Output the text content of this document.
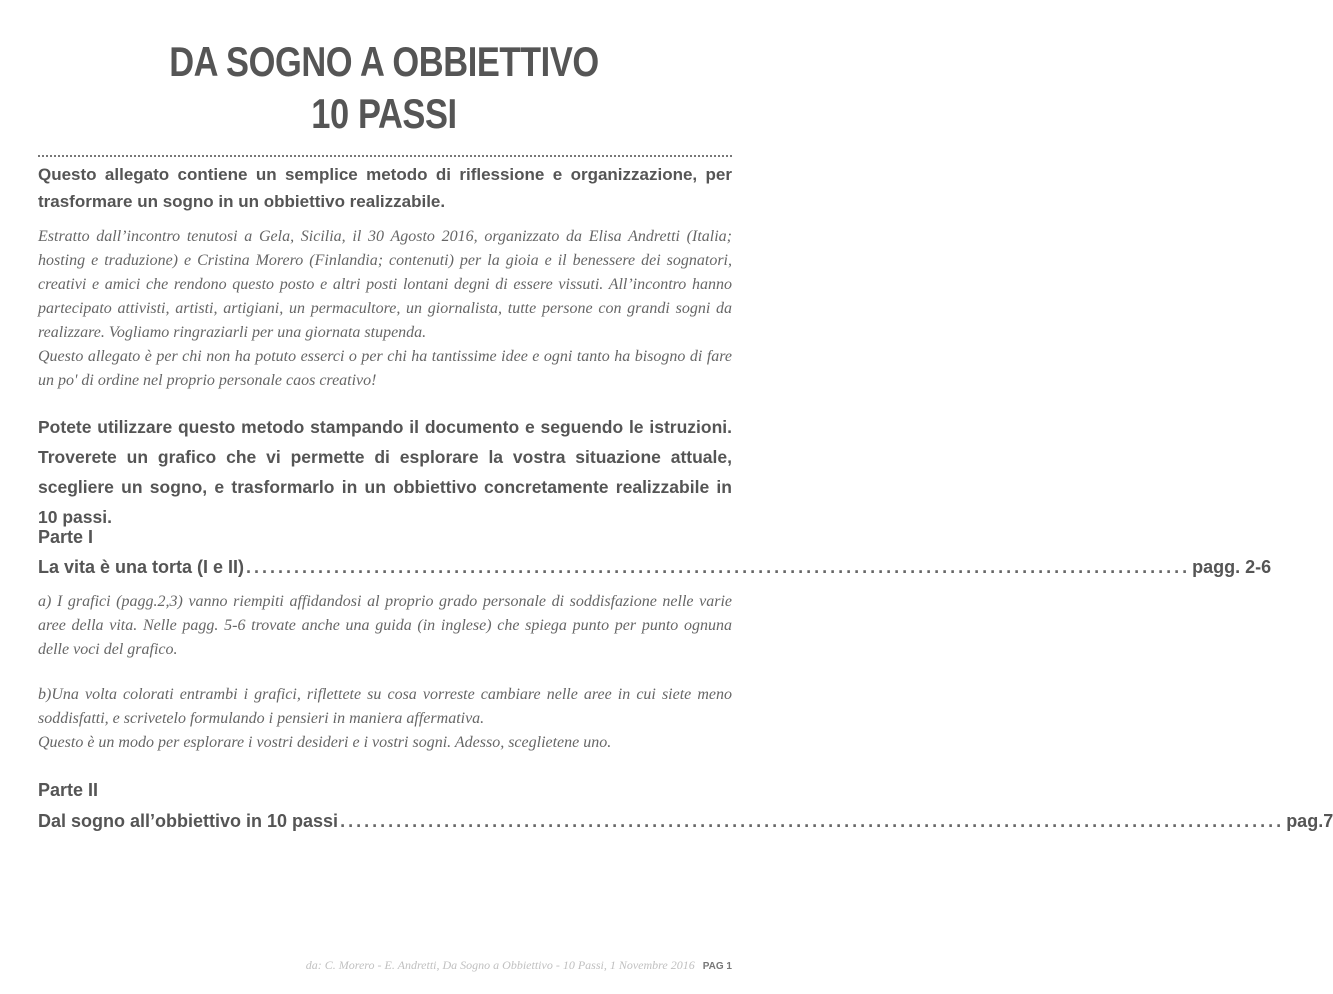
DA SOGNO A OBBIETTIVO
10 PASSI
Questo allegato contiene un semplice metodo di riflessione e organizzazione, per trasformare un sogno in un obbiettivo realizzabile.

Estratto dall’incontro tenutosi a Gela, Sicilia, il 30 Agosto 2016, organizzato da Elisa Andretti (Italia; hosting e traduzione) e Cristina Morero (Finlandia; contenuti) per la gioia e il benessere dei sognatori, creativi e amici che rendono questo posto e altri posti lontani degni di essere vissuti. All’incontro hanno partecipato attivisti, artisti, artigiani, un permacultore, un giornalista, tutte persone con grandi sogni da realizzare. Vogliamo ringraziarli per una giornata stupenda.

Questo allegato è per chi non ha potuto esserci o per chi ha tantissime idee e ogni tanto ha bisogno di fare un po' di ordine nel proprio personale caos creativo!

Potete utilizzare questo metodo stampando il documento e seguendo le istruzioni. Troverete un grafico che vi permette di esplorare la vostra situazione attuale, scegliere un sogno, e trasformarlo in un obbiettivo concretamente realizzabile in 10 passi.
Parte I
La vita è una torta (I e II) ...................................................................................................................... pagg. 2-6

a) I grafici (pagg.2,3) vanno riempiti affidandosi al proprio grado personale di soddisfazione nelle varie aree della vita. Nelle pagg. 5-6 trovate anche una guida (in inglese) che spiega punto per punto ognuna delle voci del grafico.

b)Una volta colorati entrambi i grafici, riflettete su cosa vorreste cambiare nelle aree in cui siete meno soddisfatti, e scrivetelo formulando i pensieri in maniera affermativa.

Questo è un modo per esplorare i vostri desideri e i vostri sogni. Adesso, sceglietene uno.

Parte II
Dal sogno all’obbiettivo in 10 passi ...................................................................................................................... pag.7
da: C. Morero - E. Andretti, Da Sogno a Obbiettivo - 10 Passi, 1 Novembre 2016 PAG 1
